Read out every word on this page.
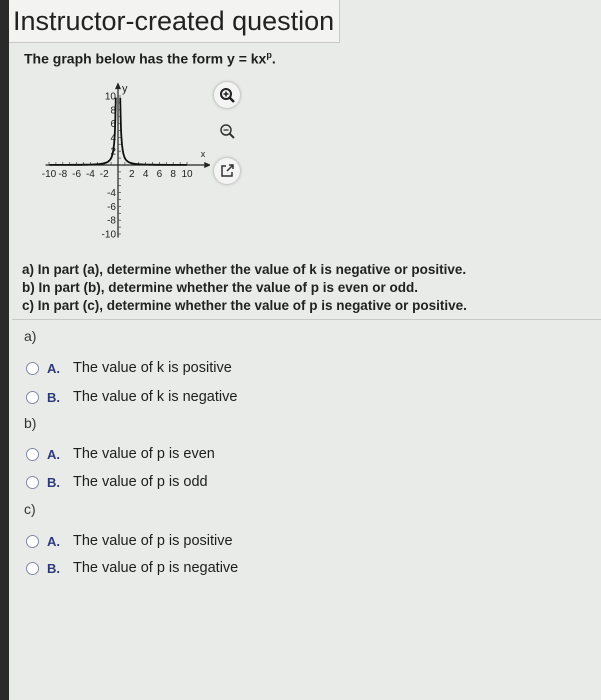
Instructor-created question
The graph below has the form $y = kx^p$.
-10 -8 -6 -4 -2 2 4 6 8 10
10
8
6
4
2
-4
-6
-8
-10
x
y
a) In part (a), determine whether the value of k is negative or positive.
b) In part (b), determine whether the value of p is even or odd.
c) In part (c), determine whether the value of p is negative or positive.
a)
A. The value of k is positive
B. The value of k is negative
b)
A. The value of p is even
B. The value of p is odd
c)
A. The value of p is positive
B. The value of p is negative
